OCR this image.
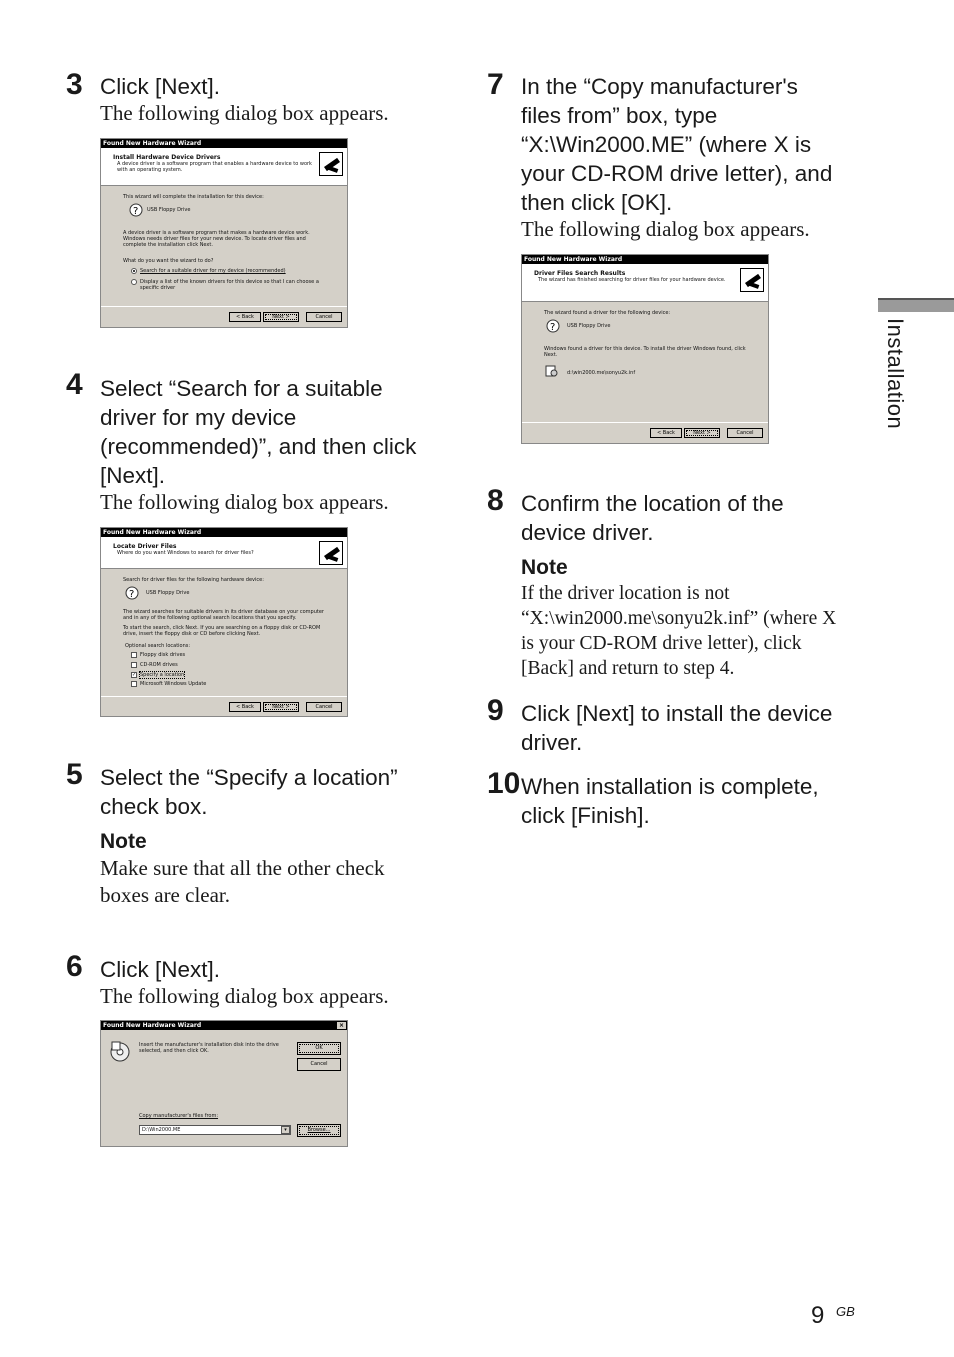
Installation
3 Click [Next].
The following dialog box appears.
Found New Hardware Wizard
Install Hardware Device Drivers
A device driver is a software program that enables a hardware device to work with an operating system.
This wizard will complete the installation for this device:
? USB Floppy Drive
A device driver is a software program that makes a hardware device work. Windows needs driver files for your new device. To locate driver files and complete the installation click Next.
What do you want the wizard to do?
Search for a suitable driver for my device (recommended)
Display a list of the known drivers for this device so that I can choose a specific driver
< Back	Next >	Cancel
4 Select “Search for a suitable
driver for my device
(recommended)”, and then click
[Next].
The following dialog box appears.
Found New Hardware Wizard
Locate Driver Files
Where do you want Windows to search for driver files?
Search for driver files for the following hardware device:
? USB Floppy Drive
The wizard searches for suitable drivers in its driver database on your computer and in any of the following optional search locations that you specify.
To start the search, click Next. If you are searching on a floppy disk or CD-ROM drive, insert the floppy disk or CD before clicking Next.
Optional search locations:
Floppy disk drives
CD-ROM drives
✓ Specify a location
Microsoft Windows Update
< Back	Next >	Cancel
5 Select the “Specify a location”
check box.
Note
Make sure that all the other check
boxes are clear.
6 Click [Next].
The following dialog box appears.
Found New Hardware Wizard	×
Insert the manufacturer's installation disk into the drive selected, and then click OK.	OK
Cancel
Copy manufacturer's files from:
D:\Win2000.ME	▾	Browse...
7 In the “Copy manufacturer's
files from” box, type
“X:\Win2000.ME” (where X is
your CD-ROM drive letter), and
then click [OK].
The following dialog box appears.
Found New Hardware Wizard
Driver Files Search Results
The wizard has finished searching for driver files for your hardware device.
The wizard found a driver for the following device:
? USB Floppy Drive
Windows found a driver for this device. To install the driver Windows found, click Next.
d:\win2000.me\sonyu2k.inf
< Back	Next >	Cancel
8 Confirm the location of the
device driver.
Note
If the driver location is not
“X:\win2000.me\sonyu2k.inf” (where X
is your CD-ROM drive letter), click
[Back] and return to step 4.
9 Click [Next] to install the device
driver.
10 When installation is complete,
click [Finish].
9 GB
